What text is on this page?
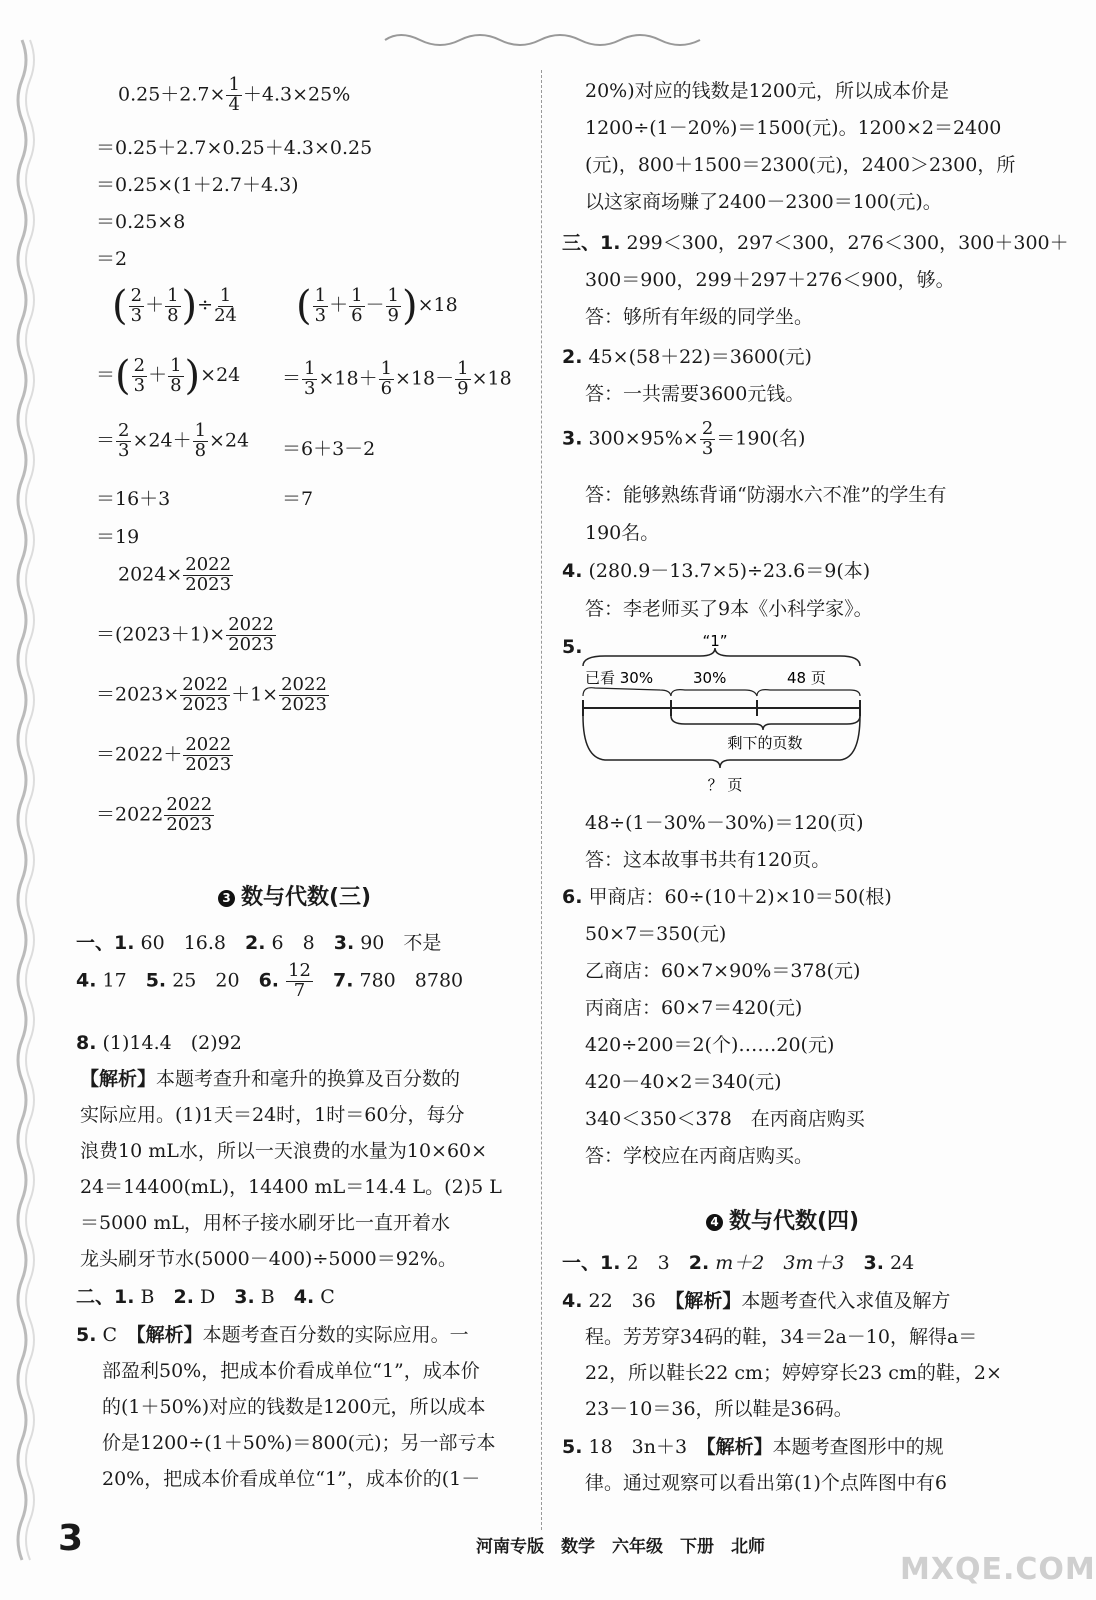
$0.25+2.7\times \frac{1}{4} +4.3\times 25\%$
＝0.25＋2.7×0.25＋4.3×0.25
＝0.25×(1＋2.7＋4.3)
＝0.25×8
＝2
( $\frac{2}{3} + \frac{1}{8}$ )÷ $\frac{1}{24}$ ( $\frac{1}{3} + \frac{1}{6} - \frac{1}{9} )\times 18$
＝( $\frac{2}{3} + \frac{1}{8} )\times 24 = \frac{1}{3} \times 18+ \frac{1}{6} \times 18- \frac{1}{9} \times 18$
＝ $\frac{2}{3} \times 24+ \frac{1}{8} \times 24 =6+3-2$
＝16＋3	＝7
＝19
$2024\times \frac{2022}{2023}$
$=(2023+1)\times \frac{2022}{2023}$
$=2023\times \frac{2022}{2023} +1\times \frac{2022}{2023}$
$=2022+ \frac{2022}{2023}$
$=2022 \frac{2022}{2023}$
3 数与代数(三)
一、1. 60　16.8　 2. 6　8　 3. 90　不是
4. 17　 5. 25　20　 6. $\frac{12}{7}$
　 7. 780　8780
8. (1)14.4　(2)92
【解析】本题考查升和毫升的换算及百分数的
实际应用。(1)1天＝24时，1时＝60分，每分
浪费10 mL水，所以一天浪费的水量为10×60×
24＝14400(mL)，14400 mL＝14.4 L。(2)5 L
＝5000 mL，用杯子接水刷牙比一直开着水
龙头刷牙节水(5000－400)÷5000＝92%。
二、1. B　 2. D　 3. B　 4. C
5. C　 【解析】本题考查百分数的实际应用。一
部盈利50%，把成本价看成单位“1”，成本价
的(1＋50%)对应的钱数是1200元，所以成本
价是1200÷(1＋50%)＝800(元)；另一部亏本
20%，把成本价看成单位“1”，成本价的(1－
20%)对应的钱数是1200元，所以成本价是
1200÷(1－20%)＝1500(元)。1200×2＝2400
(元)，800＋1500＝2300(元)，2400＞2300，所
以这家商场赚了2400－2300＝100(元)。
三、1. 299＜300，297＜300，276＜300，300＋300＋
300＝900，299＋297＋276＜900，够。
答：够所有年级的同学坐。
2. 45×(58＋22)＝3600(元)
答：一共需要3600元钱。
3. $300\times 95\%\times \frac{2}{3} =190$(名)
答：能够熟练背诵“防溺水六不准”的学生有
190名。
4. (280.9－13.7×5)÷23.6＝9(本)
答：李老师买了9本《小科学家》。
5.	“1”
已看 30%	30%	48 页
剩下的页数
？ 页
48÷(1－30%－30%)＝120(页)
答：这本故事书共有120页。
6. 甲商店：60÷(10＋2)×10＝50(根)
50×7＝350(元)
乙商店：60×7×90%＝378(元)
丙商店：60×7＝420(元)
420÷200＝2(个)……20(元)
420－40×2＝340(元)
340＜350＜378　在丙商店购买
答：学校应在丙商店购买。
4 数与代数(四)
一、1. 2　3　 2. m＋2　3m＋3　 3. 24
4. 22　36　 【解析】本题考查代入求值及解方
程。芳芳穿34码的鞋，34＝2a－10，解得a＝
22，所以鞋长22 cm；婷婷穿长23 cm的鞋，2×
23－10＝36，所以鞋是36码。
5. 18　3n＋3　 【解析】本题考查图形中的规
律。通过观察可以看出第(1)个点阵图中有6
3	河南专版　 数学　 六年级　 下册　 北师
MXQE.COM
